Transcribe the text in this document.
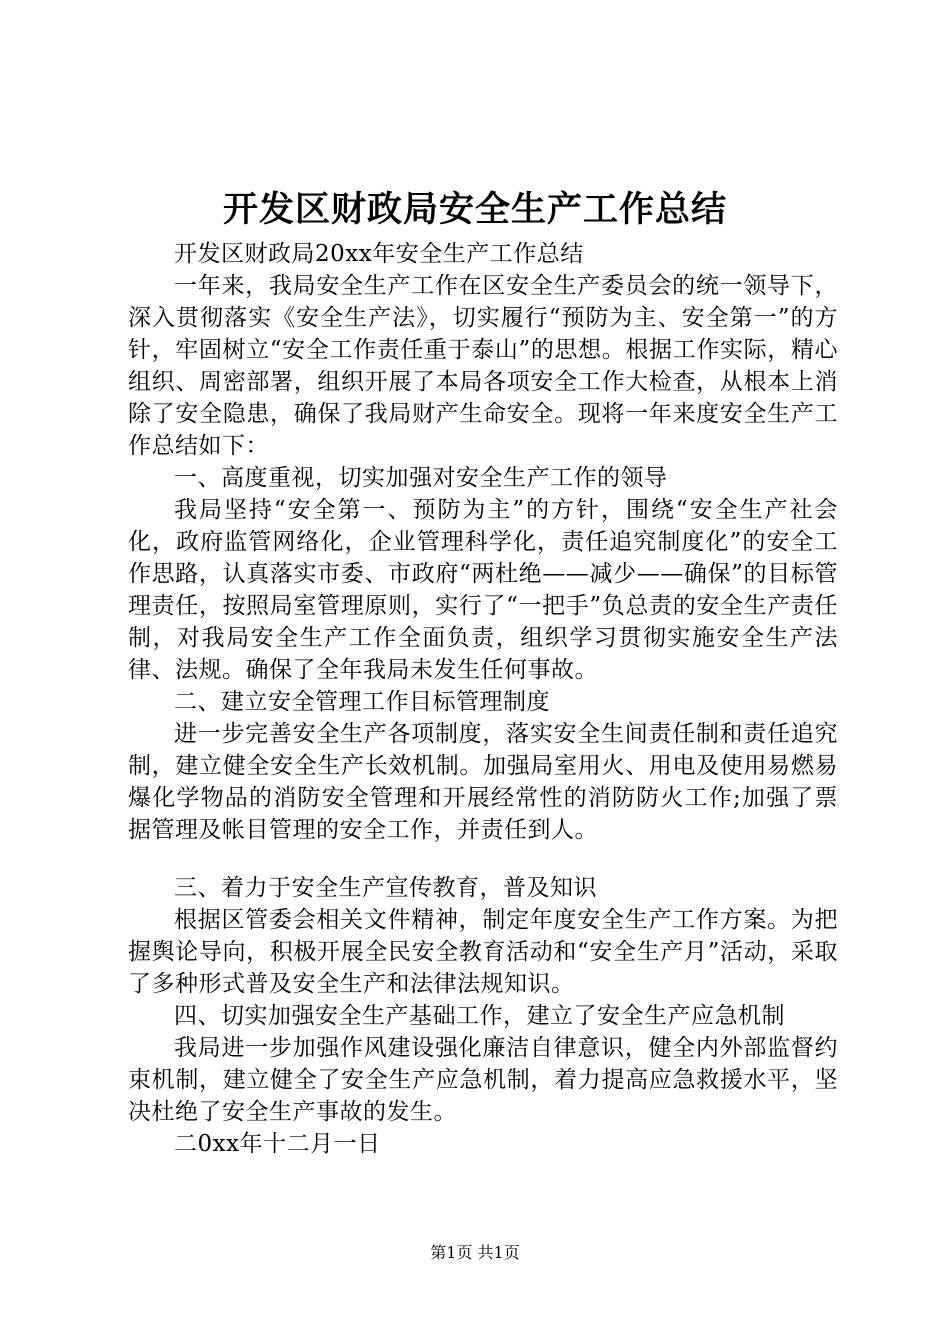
开发区财政局安全生产工作总结

开发区财政局20xx年安全生产工作总结

一年来，我局安全生产工作在区安全生产委员会的统一领导下，深入贯彻落实《安全生产法》，切实履行“预防为主、安全第一”的方针，牢固树立“安全工作责任重于泰山”的思想。根据工作实际，精心组织、周密部署，组织开展了本局各项安全工作大检查，从根本上消除了安全隐患，确保了我局财产生命安全。现将一年来度安全生产工作总结如下：

一、高度重视，切实加强对安全生产工作的领导

我局坚持“安全第一、预防为主”的方针，围绕“安全生产社会化，政府监管网络化，企业管理科学化，责任追究制度化”的安全工作思路，认真落实市委、市政府“两杜绝——减少——确保”的目标管理责任，按照局室管理原则，实行了“一把手”负总责的安全生产责任制，对我局安全生产工作全面负责，组织学习贯彻实施安全生产法律、法规。确保了全年我局未发生任何事故。

二、建立安全管理工作目标管理制度

进一步完善安全生产各项制度，落实安全生间责任制和责任追究制，建立健全安全生产长效机制。加强局室用火、用电及使用易燃易爆化学物品的消防安全管理和开展经常性的消防防火工作;加强了票据管理及帐目管理的安全工作，并责任到人。

三、着力于安全生产宣传教育，普及知识

根据区管委会相关文件精神，制定年度安全生产工作方案。为把握舆论导向，积极开展全民安全教育活动和“安全生产月”活动，采取了多种形式普及安全生产和法律法规知识。

四、切实加强安全生产基础工作，建立了安全生产应急机制

我局进一步加强作风建设强化廉洁自律意识，健全内外部监督约束机制，建立健全了安全生产应急机制，着力提高应急救援水平，坚决杜绝了安全生产事故的发生。

二0xx年十二月一日

第1页 共1页
